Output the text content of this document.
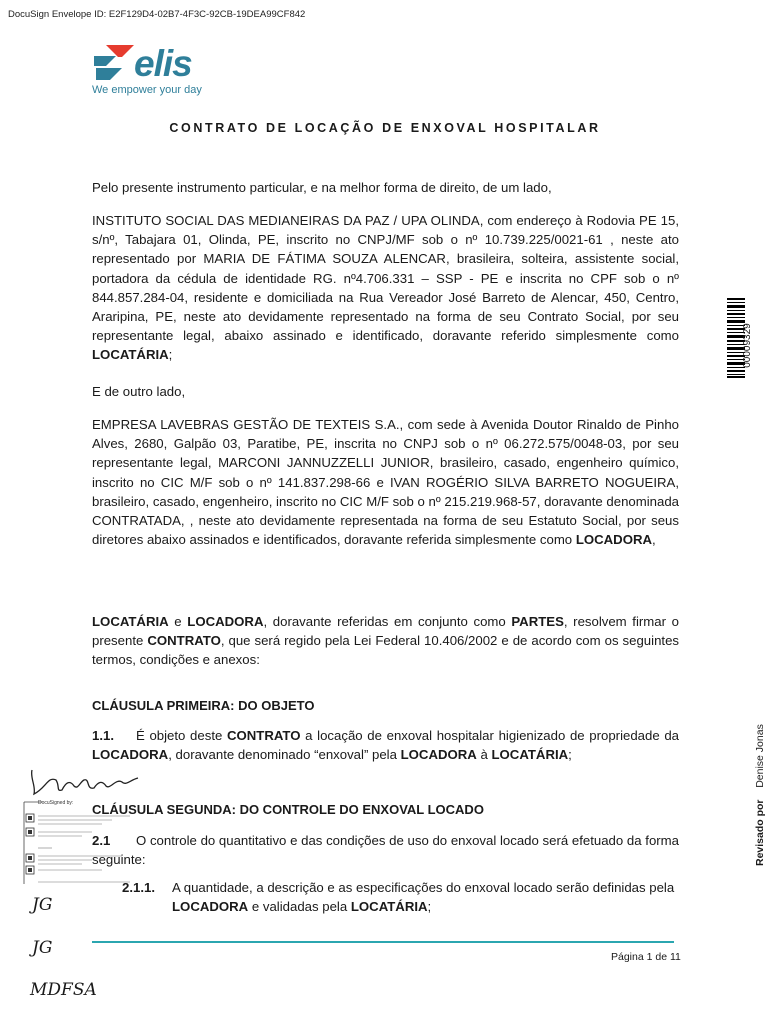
DocuSign Envelope ID: E2F129D4-02B7-4F3C-92CB-19DEA99CF842
elis
We empower your day
CONTRATO DE LOCAÇÃO DE ENXOVAL HOSPITALAR
Pelo presente instrumento particular, e na melhor forma de direito, de um lado,
INSTITUTO SOCIAL DAS MEDIANEIRAS DA PAZ / UPA OLINDA, com endereço à Rodovia PE 15, s/nº, Tabajara 01, Olinda, PE, inscrito no CNPJ/MF sob o nº 10.739.225/0021-61 , neste ato representado por MARIA DE FÁTIMA SOUZA ALENCAR, brasileira, solteira, assistente social, portadora da cédula de identidade RG. nº4.706.331 – SSP - PE e inscrita no CPF sob o nº 844.857.284-04, residente e domiciliada na Rua Vereador José Barreto de Alencar, 450, Centro, Araripina, PE, neste ato devidamente representado na forma de seu Contrato Social, por seu representante legal, abaixo assinado e identificado, doravante referido simplesmente como LOCATÁRIA;
E de outro lado,
EMPRESA LAVEBRAS GESTÃO DE TEXTEIS S.A., com sede à Avenida Doutor Rinaldo de Pinho Alves, 2680, Galpão 03, Paratibe, PE, inscrita no CNPJ sob o nº 06.272.575/0048-03, por seu representante legal, MARCONI JANNUZZELLI JUNIOR, brasileiro, casado, engenheiro químico, inscrito no CIC M/F sob o nº 141.837.298-66 e IVAN ROGÉRIO SILVA BARRETO NOGUEIRA, brasileiro, casado, engenheiro, inscrito no CIC M/F sob o nº 215.219.968-57, doravante denominada CONTRATADA, , neste ato devidamente representada na forma de seu Estatuto Social, por seus diretores abaixo assinados e identificados, doravante referida simplesmente como LOCADORA,
LOCATÁRIA e LOCADORA, doravante referidas em conjunto como PARTES, resolvem firmar o presente CONTRATO, que será regido pela Lei Federal 10.406/2002 e de acordo com os seguintes termos, condições e anexos:
CLÁUSULA PRIMEIRA: DO OBJETO
1.1. É objeto deste CONTRATO a locação de enxoval hospitalar higienizado de propriedade da LOCADORA, doravante denominado “enxoval” pela LOCADORA à LOCATÁRIA;
CLÁUSULA SEGUNDA: DO CONTROLE DO ENXOVAL LOCADO
2.1 O controle do quantitativo e das condições de uso do enxoval locado será efetuado da forma seguinte:
2.1.1. A quantidade, a descrição e as especificações do enxoval locado serão definidas pela LOCADORA e validadas pela LOCATÁRIA;
Página 1 de 11
00009329
Revisado por    Denise Jonas
DocuSigned by:
JG
JG
MDFSA
